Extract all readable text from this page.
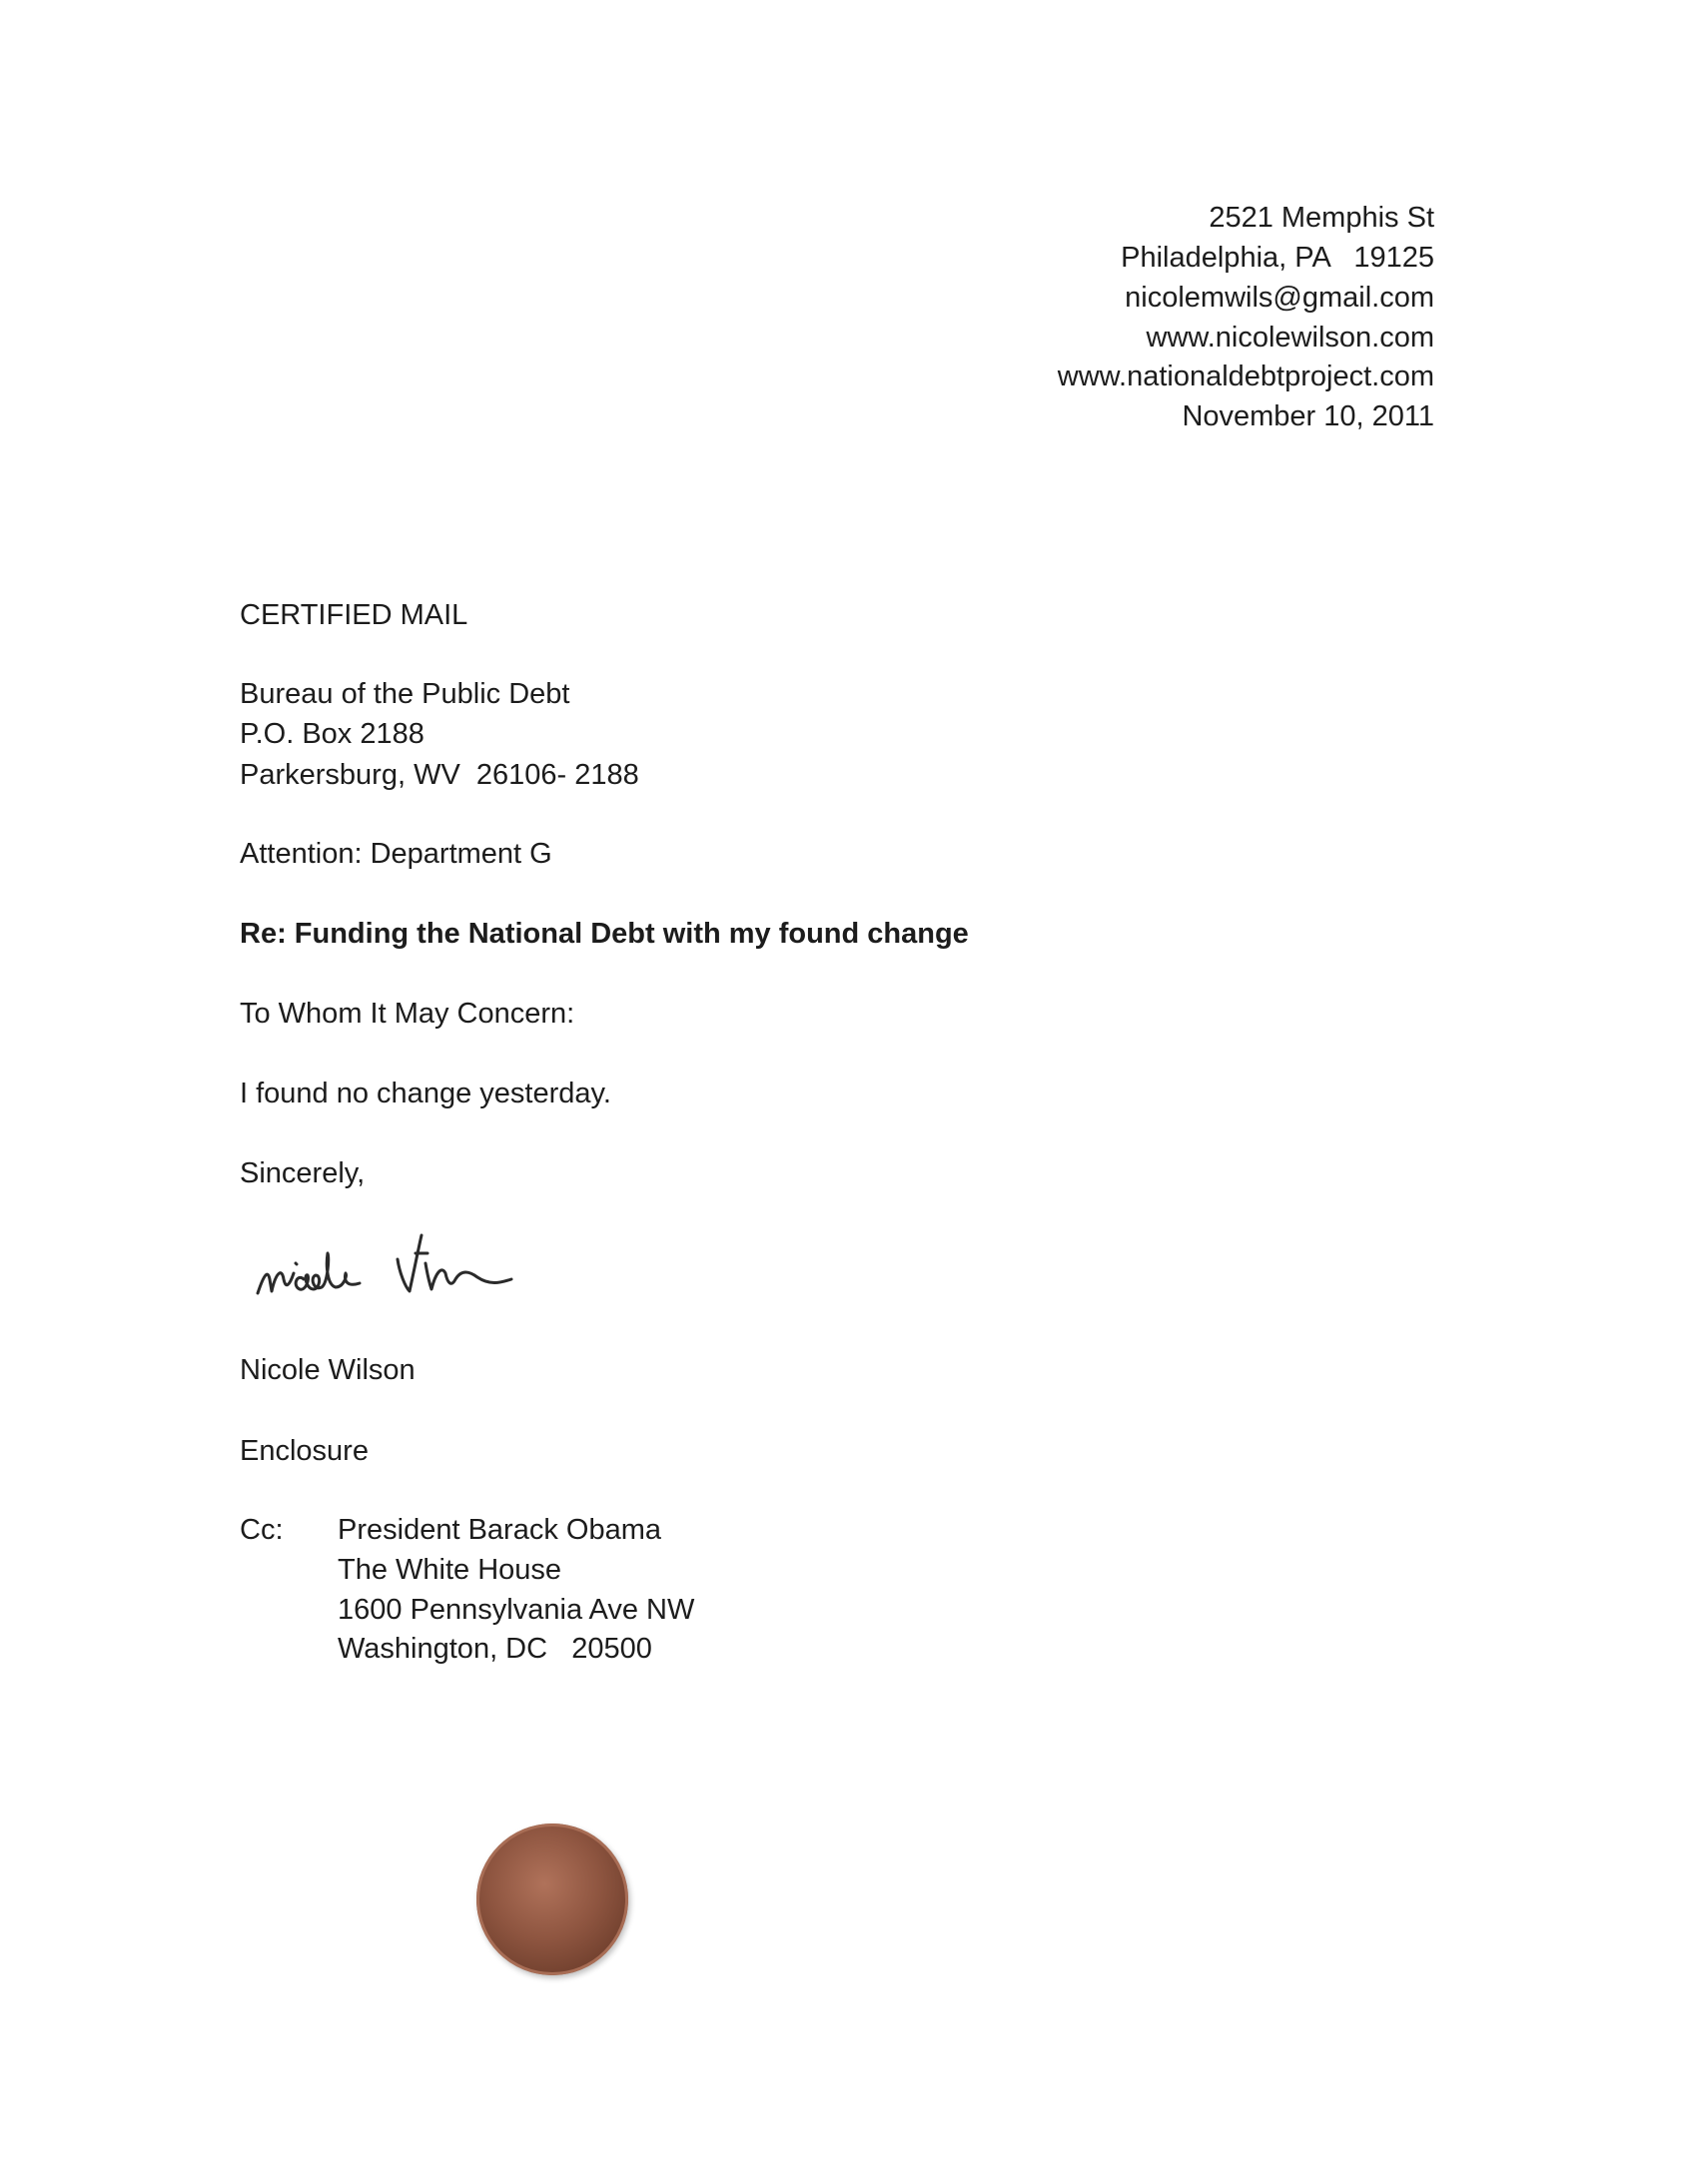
2521 Memphis St
Philadelphia, PA   19125
nicolemwils@gmail.com
www.nicolewilson.com
www.nationaldebtproject.com
November 10, 2011
CERTIFIED MAIL
Bureau of the Public Debt
P.O. Box 2188
Parkersburg, WV  26106- 2188
Attention: Department G
Re: Funding the National Debt with my found change
To Whom It May Concern:
I found no change yesterday.
Sincerely,
Nicole Wilson
Enclosure
Cc: President Barack Obama
The White House
1600 Pennsylvania Ave NW
Washington, DC   20500
